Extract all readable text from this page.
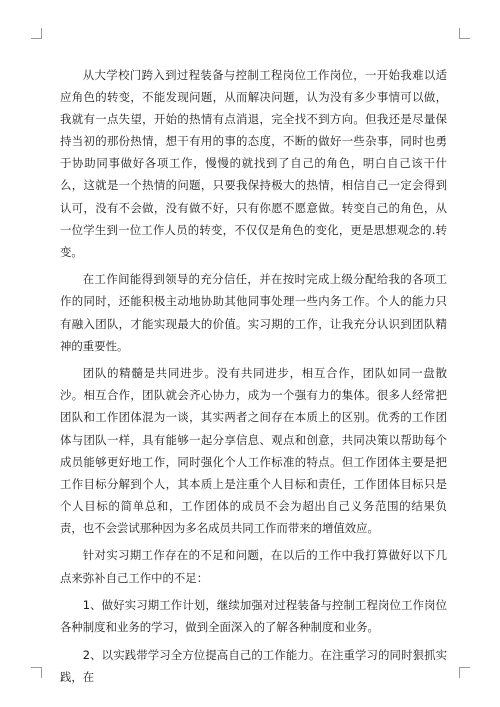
从大学校门跨入到过程装备与控制工程岗位工作岗位，一开始我难以适应角色的转变，不能发现问题，从而解决问题，认为没有多少事情可以做，我就有一点失望，开始的热情有点消退，完全找不到方向。但我还是尽量保持当初的那份热情，想干有用的事的态度，不断的做好一些杂事，同时也勇于协助同事做好各项工作，慢慢的就找到了自己的角色，明白自己该干什么，这就是一个热情的问题，只要我保持极大的热情，相信自己一定会得到认可，没有不会做，没有做不好，只有你愿不愿意做。转变自己的角色，从一位学生到一位工作人员的转变，不仅仅是角色的变化，更是思想观念的.转变。

在工作间能得到领导的充分信任，并在按时完成上级分配给我的各项工作的同时，还能积极主动地协助其他同事处理一些内务工作。个人的能力只有融入团队，才能实现最大的价值。实习期的工作，让我充分认识到团队精神的重要性。

团队的精髓是共同进步。没有共同进步，相互合作，团队如同一盘散沙。相互合作，团队就会齐心协力，成为一个强有力的集体。很多人经常把团队和工作团体混为一谈，其实两者之间存在本质上的区别。优秀的工作团体与团队一样，具有能够一起分享信息、观点和创意，共同决策以帮助每个成员能够更好地工作，同时强化个人工作标准的特点。但工作团体主要是把工作目标分解到个人，其本质上是注重个人目标和责任，工作团体目标只是个人目标的简单总和，工作团体的成员不会为超出自己义务范围的结果负责，也不会尝试那种因为多名成员共同工作而带来的增值效应。

针对实习期工作存在的不足和问题，在以后的工作中我打算做好以下几点来弥补自己工作中的不足：

1、做好实习期工作计划，继续加强对过程装备与控制工程岗位工作岗位各种制度和业务的学习，做到全面深入的了解各种制度和业务。

2、以实践带学习全方位提高自己的工作能力。在注重学习的同时狠抓实践，在
